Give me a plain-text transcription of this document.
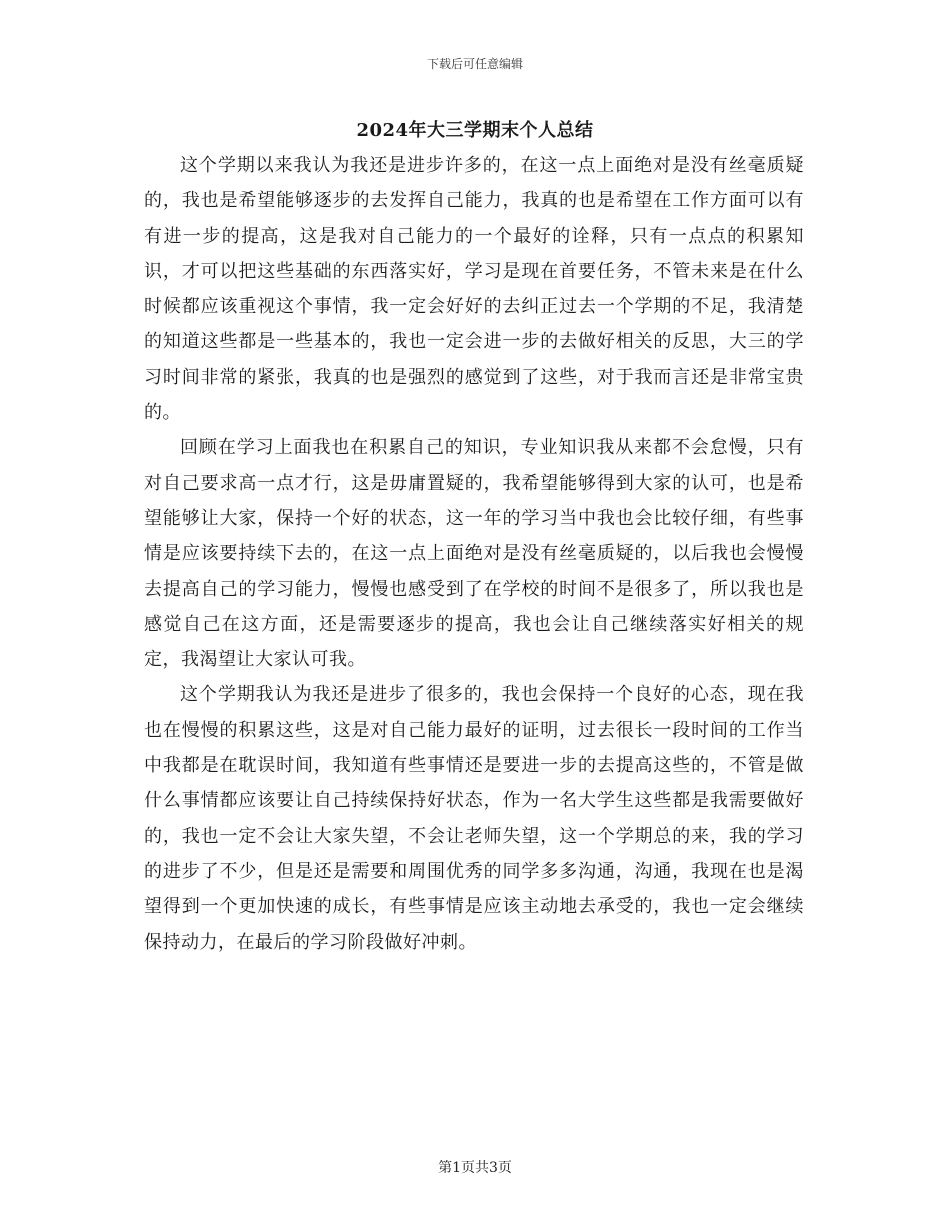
下载后可任意编辑
2024年大三学期末个人总结

这个学期以来我认为我还是进步许多的，在这一点上面绝对是没有丝毫质疑的，我也是希望能够逐步的去发挥自己能力，我真的也是希望在工作方面可以有有进一步的提高，这是我对自己能力的一个最好的诠释，只有一点点的积累知识，才可以把这些基础的东西落实好，学习是现在首要任务，不管未来是在什么时候都应该重视这个事情，我一定会好好的去纠正过去一个学期的不足，我清楚的知道这些都是一些基本的，我也一定会进一步的去做好相关的反思，大三的学习时间非常的紧张，我真的也是强烈的感觉到了这些，对于我而言还是非常宝贵的。

回顾在学习上面我也在积累自己的知识，专业知识我从来都不会怠慢，只有对自己要求高一点才行，这是毋庸置疑的，我希望能够得到大家的认可，也是希望能够让大家，保持一个好的状态，这一年的学习当中我也会比较仔细，有些事情是应该要持续下去的，在这一点上面绝对是没有丝毫质疑的，以后我也会慢慢去提高自己的学习能力，慢慢也感受到了在学校的时间不是很多了，所以我也是感觉自己在这方面，还是需要逐步的提高，我也会让自己继续落实好相关的规定，我渴望让大家认可我。

这个学期我认为我还是进步了很多的，我也会保持一个良好的心态，现在我也在慢慢的积累这些，这是对自己能力最好的证明，过去很长一段时间的工作当中我都是在耽误时间，我知道有些事情还是要进一步的去提高这些的，不管是做什么事情都应该要让自己持续保持好状态，作为一名大学生这些都是我需要做好的，我也一定不会让大家失望，不会让老师失望，这一个学期总的来，我的学习的进步了不少，但是还是需要和周围优秀的同学多多沟通，沟通，我现在也是渴望得到一个更加快速的成长，有些事情是应该主动地去承受的，我也一定会继续保持动力，在最后的学习阶段做好冲刺。

第1页共3页
